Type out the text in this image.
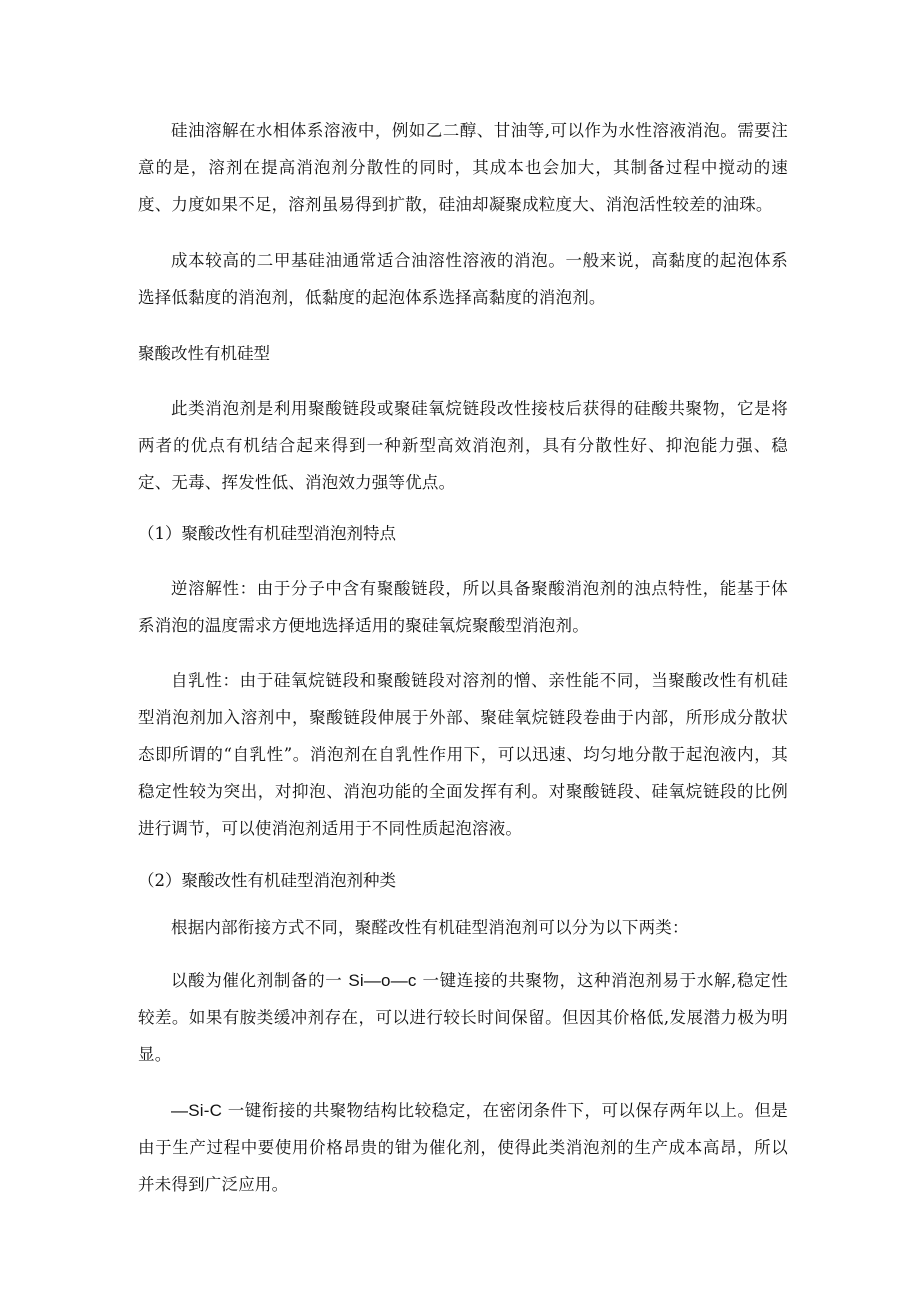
硅油溶解在水相体系溶液中，例如乙二醇、甘油等,可以作为水性溶液消泡。需要注意的是，溶剂在提高消泡剂分散性的同时，其成本也会加大，其制备过程中搅动的速度、力度如果不足，溶剂虽易得到扩散，硅油却凝聚成粒度大、消泡活性较差的油珠。

成本较高的二甲基硅油通常适合油溶性溶液的消泡。一般来说，高黏度的起泡体系选择低黏度的消泡剂，低黏度的起泡体系选择高黏度的消泡剂。

聚酸改性有机硅型

此类消泡剂是利用聚酸链段或聚硅氧烷链段改性接枝后获得的硅酸共聚物，它是将两者的优点有机结合起来得到一种新型高效消泡剂，具有分散性好、抑泡能力强、稳定、无毒、挥发性低、消泡效力强等优点。

（1）聚酸改性有机硅型消泡剂特点

逆溶解性：由于分子中含有聚酸链段，所以具备聚酸消泡剂的浊点特性，能基于体系消泡的温度需求方便地选择适用的聚硅氧烷聚酸型消泡剂。

自乳性：由于硅氧烷链段和聚酸链段对溶剂的憎、亲性能不同，当聚酸改性有机硅型消泡剂加入溶剂中，聚酸链段伸展于外部、聚硅氧烷链段卷曲于内部，所形成分散状态即所谓的“自乳性”。消泡剂在自乳性作用下，可以迅速、均匀地分散于起泡液内，其稳定性较为突出，对抑泡、消泡功能的全面发挥有利。对聚酸链段、硅氧烷链段的比例进行调节，可以使消泡剂适用于不同性质起泡溶液。

（2）聚酸改性有机硅型消泡剂种类

根据内部衔接方式不同，聚醛改性有机硅型消泡剂可以分为以下两类：

以酸为催化剂制备的一 Si—o—c 一键连接的共聚物，这种消泡剂易于水解,稳定性较差。如果有胺类缓冲剂存在，可以进行较长时间保留。但因其价格低,发展潜力极为明显。

—Si-C 一键衔接的共聚物结构比较稳定，在密闭条件下，可以保存两年以上。但是由于生产过程中要使用价格昂贵的钳为催化剂，使得此类消泡剂的生产成本高昂，所以并未得到广泛应用。
